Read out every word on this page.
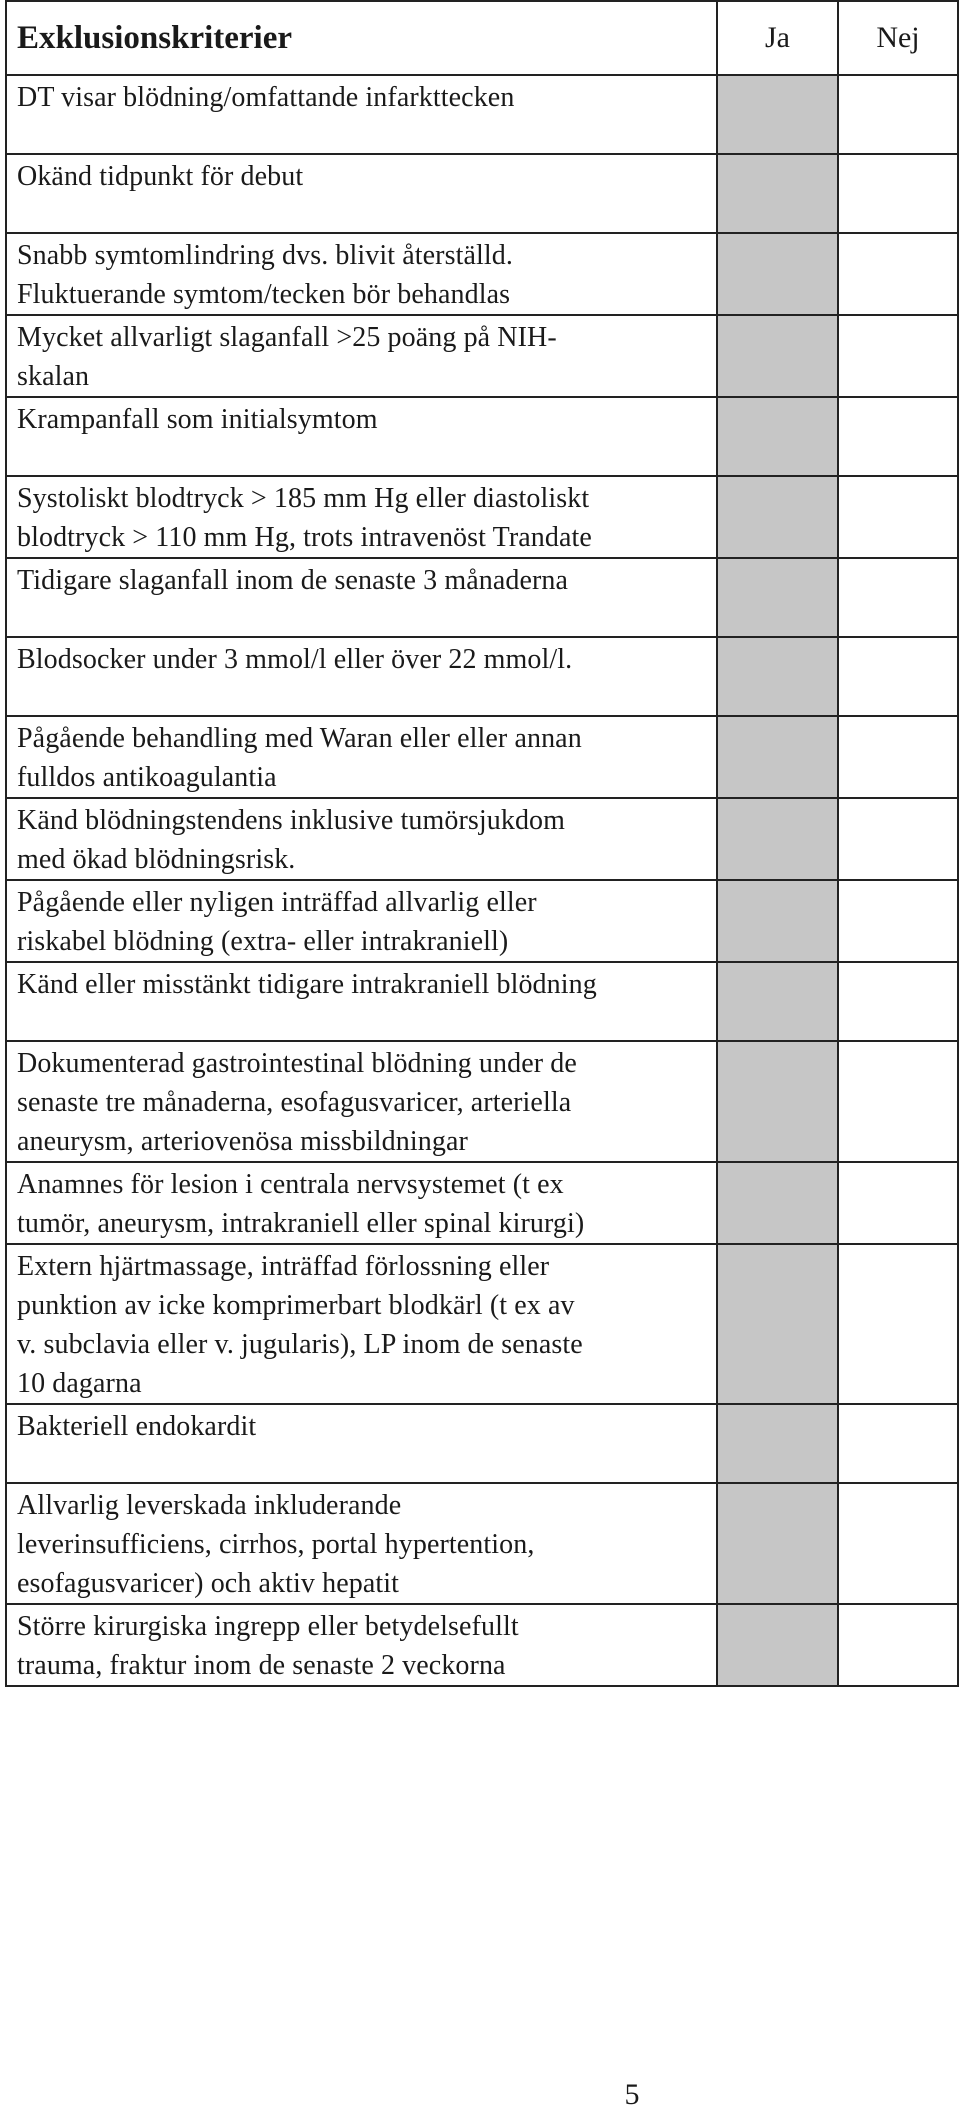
Exklusionskriterier	Ja	Nej

DT visar blödning/omfattande infarkttecken		

Okänd tidpunkt för debut		

Snabb symtomlindring dvs. blivit återställd.
Fluktuerande symtom/tecken bör behandlas		

Mycket allvarligt slaganfall >25 poäng på NIH-
skalan		

Krampanfall som initialsymtom		

Systoliskt blodtryck > 185 mm Hg eller diastoliskt
blodtryck > 110 mm Hg, trots intravenöst Trandate		

Tidigare slaganfall inom de senaste 3 månaderna		

Blodsocker under 3 mmol/l eller över 22 mmol/l.		

Pågående behandling med Waran eller eller annan
fulldos antikoagulantia		

Känd blödningstendens inklusive tumörsjukdom
med ökad blödningsrisk.		

Pågående eller nyligen inträffad allvarlig eller
riskabel blödning (extra- eller intrakraniell)		

Känd eller misstänkt tidigare intrakraniell blödning		

Dokumenterad gastrointestinal blödning under de
senaste tre månaderna, esofagusvaricer, arteriella
aneurysm, arteriovenösa missbildningar		

Anamnes för lesion i centrala nervsystemet (t ex
tumör, aneurysm, intrakraniell eller spinal kirurgi)		

Extern hjärtmassage, inträffad förlossning eller
punktion av icke komprimerbart blodkärl (t ex av
v. subclavia eller v. jugularis), LP inom de senaste
10 dagarna		

Bakteriell endokardit		

Allvarlig leverskada inkluderande
leverinsufficiens, cirrhos, portal hypertention,
esofagusvaricer) och aktiv hepatit		

Större kirurgiska ingrepp eller betydelsefullt
trauma, fraktur inom de senaste 2 veckorna		

5
